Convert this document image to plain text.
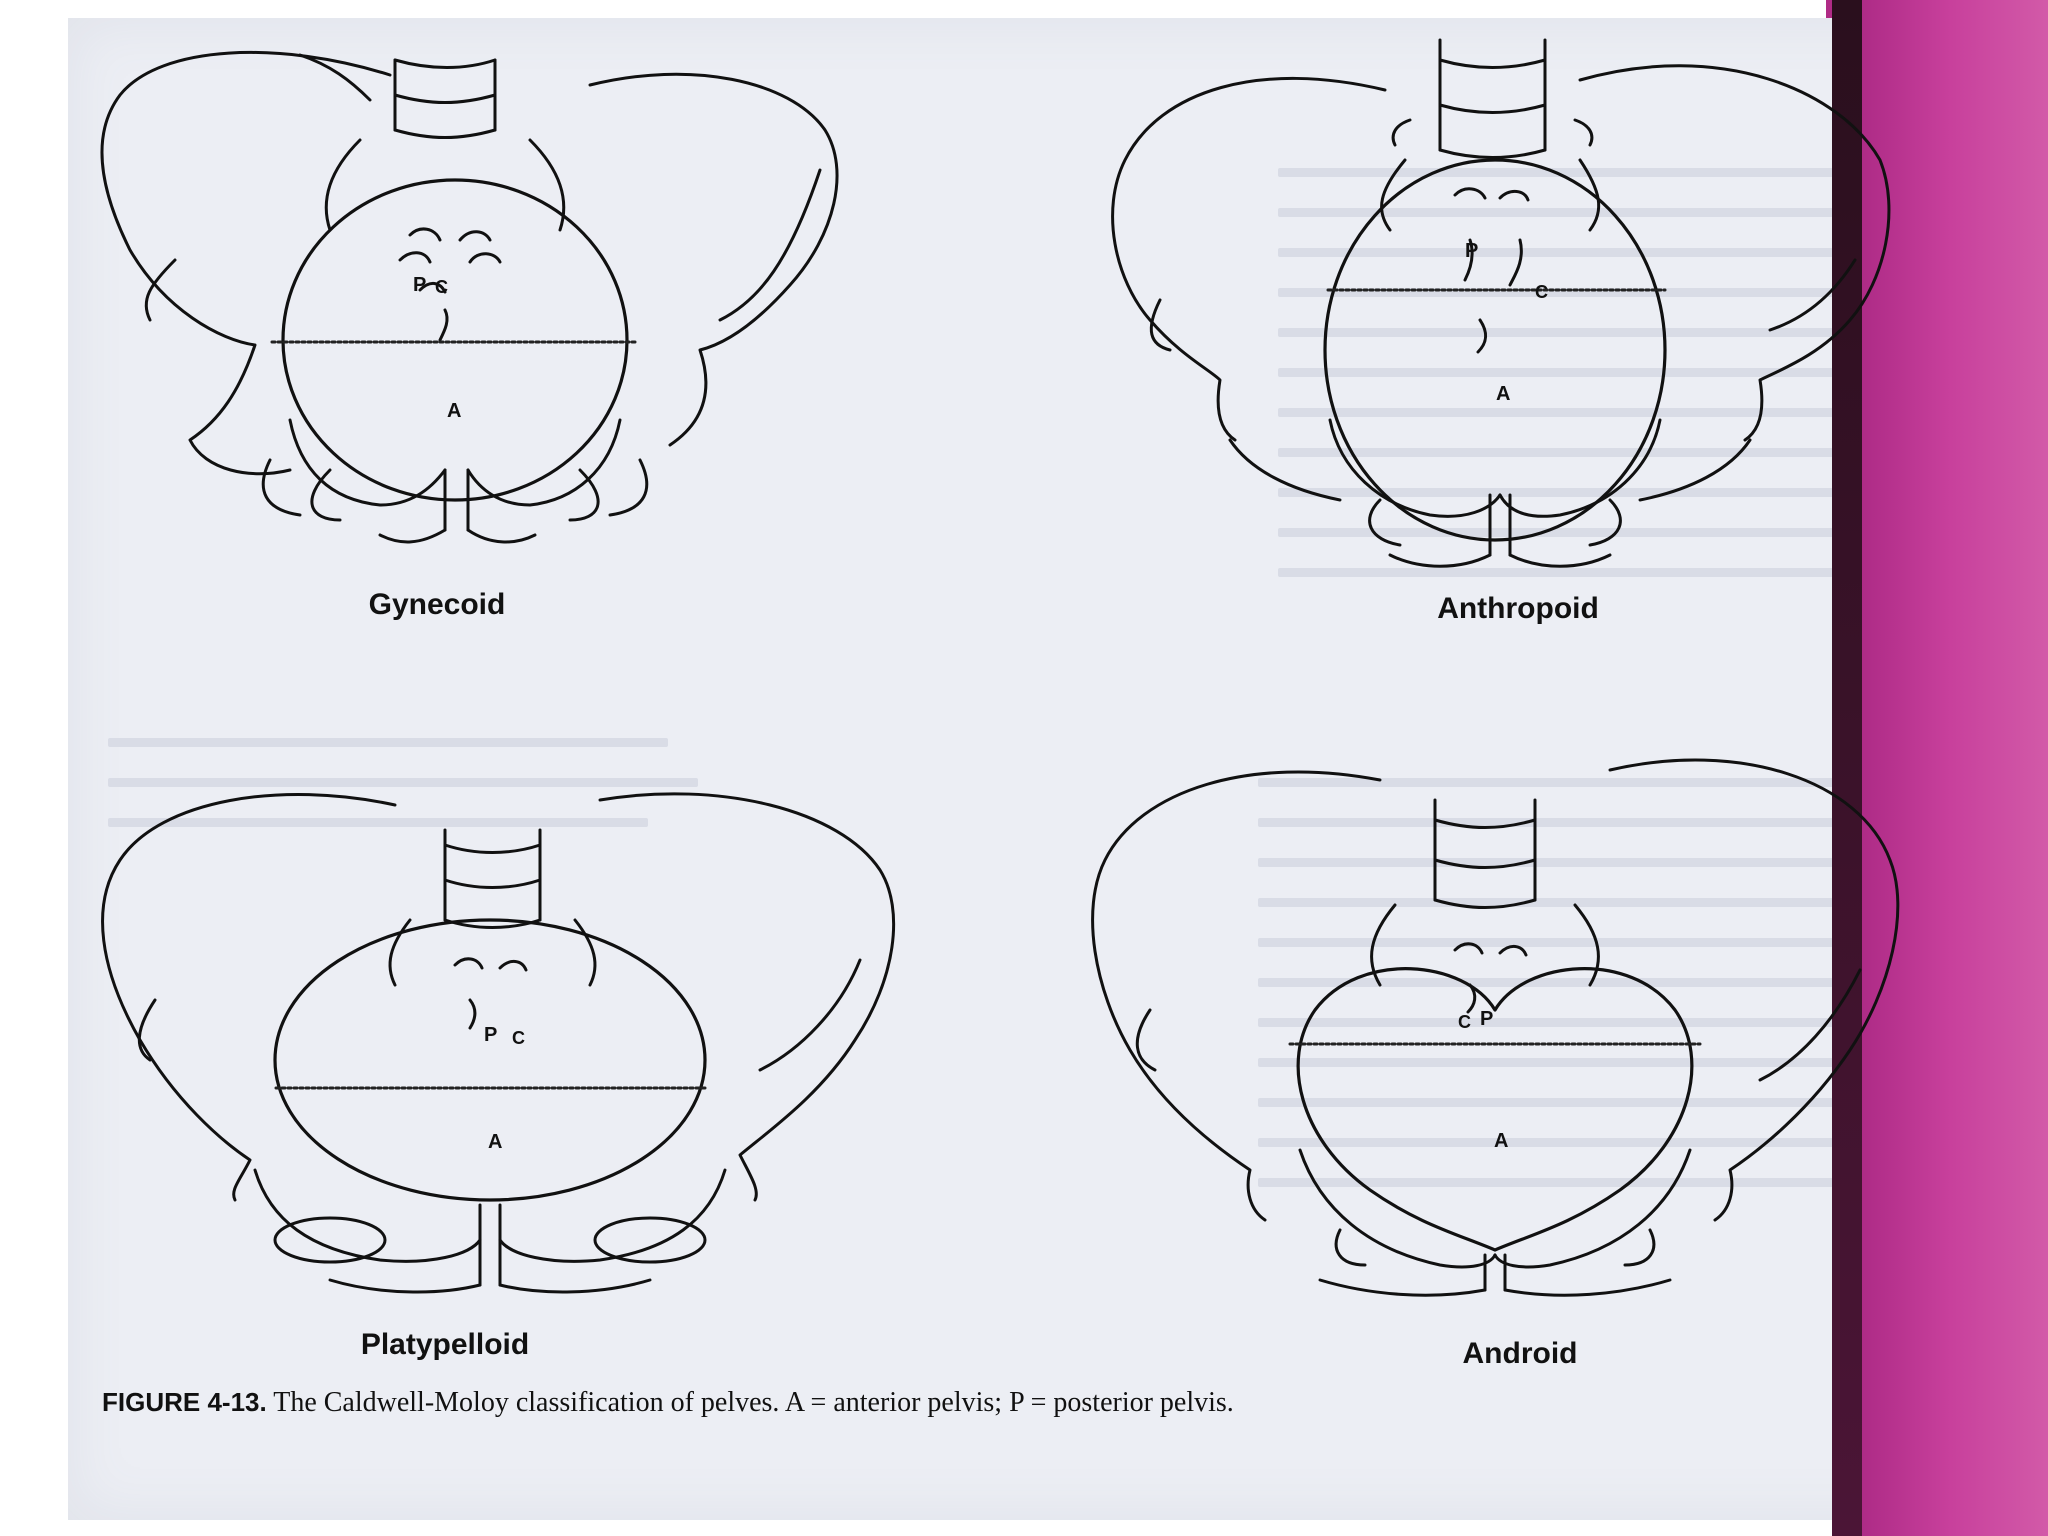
P C
A
P
C
A
P C
A
P
C
A
Gynecoid	Anthropoid
Platypelloid	Android
FIGURE 4-13. The Caldwell-Moloy classification of pelves. A = anterior pelvis; P = posterior pelvis.
